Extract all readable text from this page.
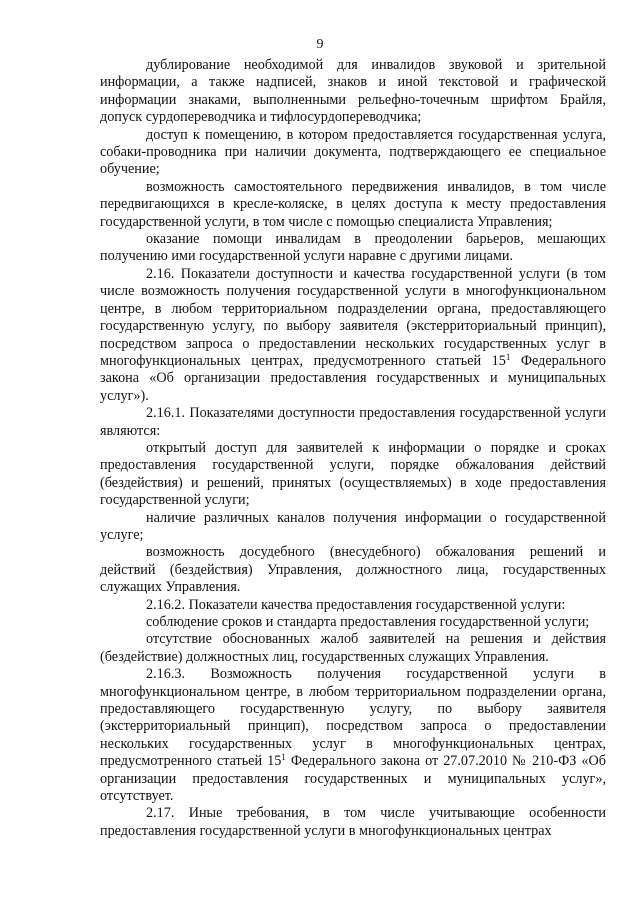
9

дублирование необходимой для инвалидов звуковой и зрительной информации, а также надписей, знаков и иной текстовой и графической информации знаками, выполненными рельефно-точечным шрифтом Брайля, допуск сурдопереводчика и тифлосурдопереводчика;

доступ к помещению, в котором предоставляется государственная услуга, собаки-проводника при наличии документа, подтверждающего ее специальное обучение;

возможность самостоятельного передвижения инвалидов, в том числе передвигающихся в кресле-коляске, в целях доступа к месту предоставления государственной услуги, в том числе с помощью специалиста Управления;

оказание помощи инвалидам в преодолении барьеров, мешающих получению ими государственной услуги наравне с другими лицами.

2.16. Показатели доступности и качества государственной услуги (в том числе возможность получения государственной услуги в многофункциональном центре, в любом территориальном подразделении органа, предоставляющего государственную услугу, по выбору заявителя (экстерриториальный принцип), посредством запроса о предоставлении нескольких государственных услуг в многофункциональных центрах, предусмотренного статьей $15^1$ Федерального закона «Об организации предоставления государственных и муниципальных услуг»).

2.16.1. Показателями доступности предоставления государственной услуги являются:

открытый доступ для заявителей к информации о порядке и сроках предоставления государственной услуги, порядке обжалования действий (бездействия) и решений, принятых (осуществляемых) в ходе предоставления государственной услуги;

наличие различных каналов получения информации о государственной услуге;

возможность досудебного (внесудебного) обжалования решений и действий (бездействия) Управления, должностного лица, государственных служащих Управления.

2.16.2. Показатели качества предоставления государственной услуги:

соблюдение сроков и стандарта предоставления государственной услуги;

отсутствие обоснованных жалоб заявителей на решения и действия (бездействие) должностных лиц, государственных служащих Управления.

2.16.3. Возможность получения государственной услуги в многофункциональном центре, в любом территориальном подразделении органа, предоставляющего государственную услугу, по выбору заявителя (экстерриториальный принцип), посредством запроса о предоставлении нескольких государственных услуг в многофункциональных центрах, предусмотренного статьей $15^1$ Федерального закона от 27.07.2010 № 210-ФЗ «Об организации предоставления государственных и муниципальных услуг», отсутствует.

2.17. Иные требования, в том числе учитывающие особенности предоставления государственной услуги в многофункциональных центрах
